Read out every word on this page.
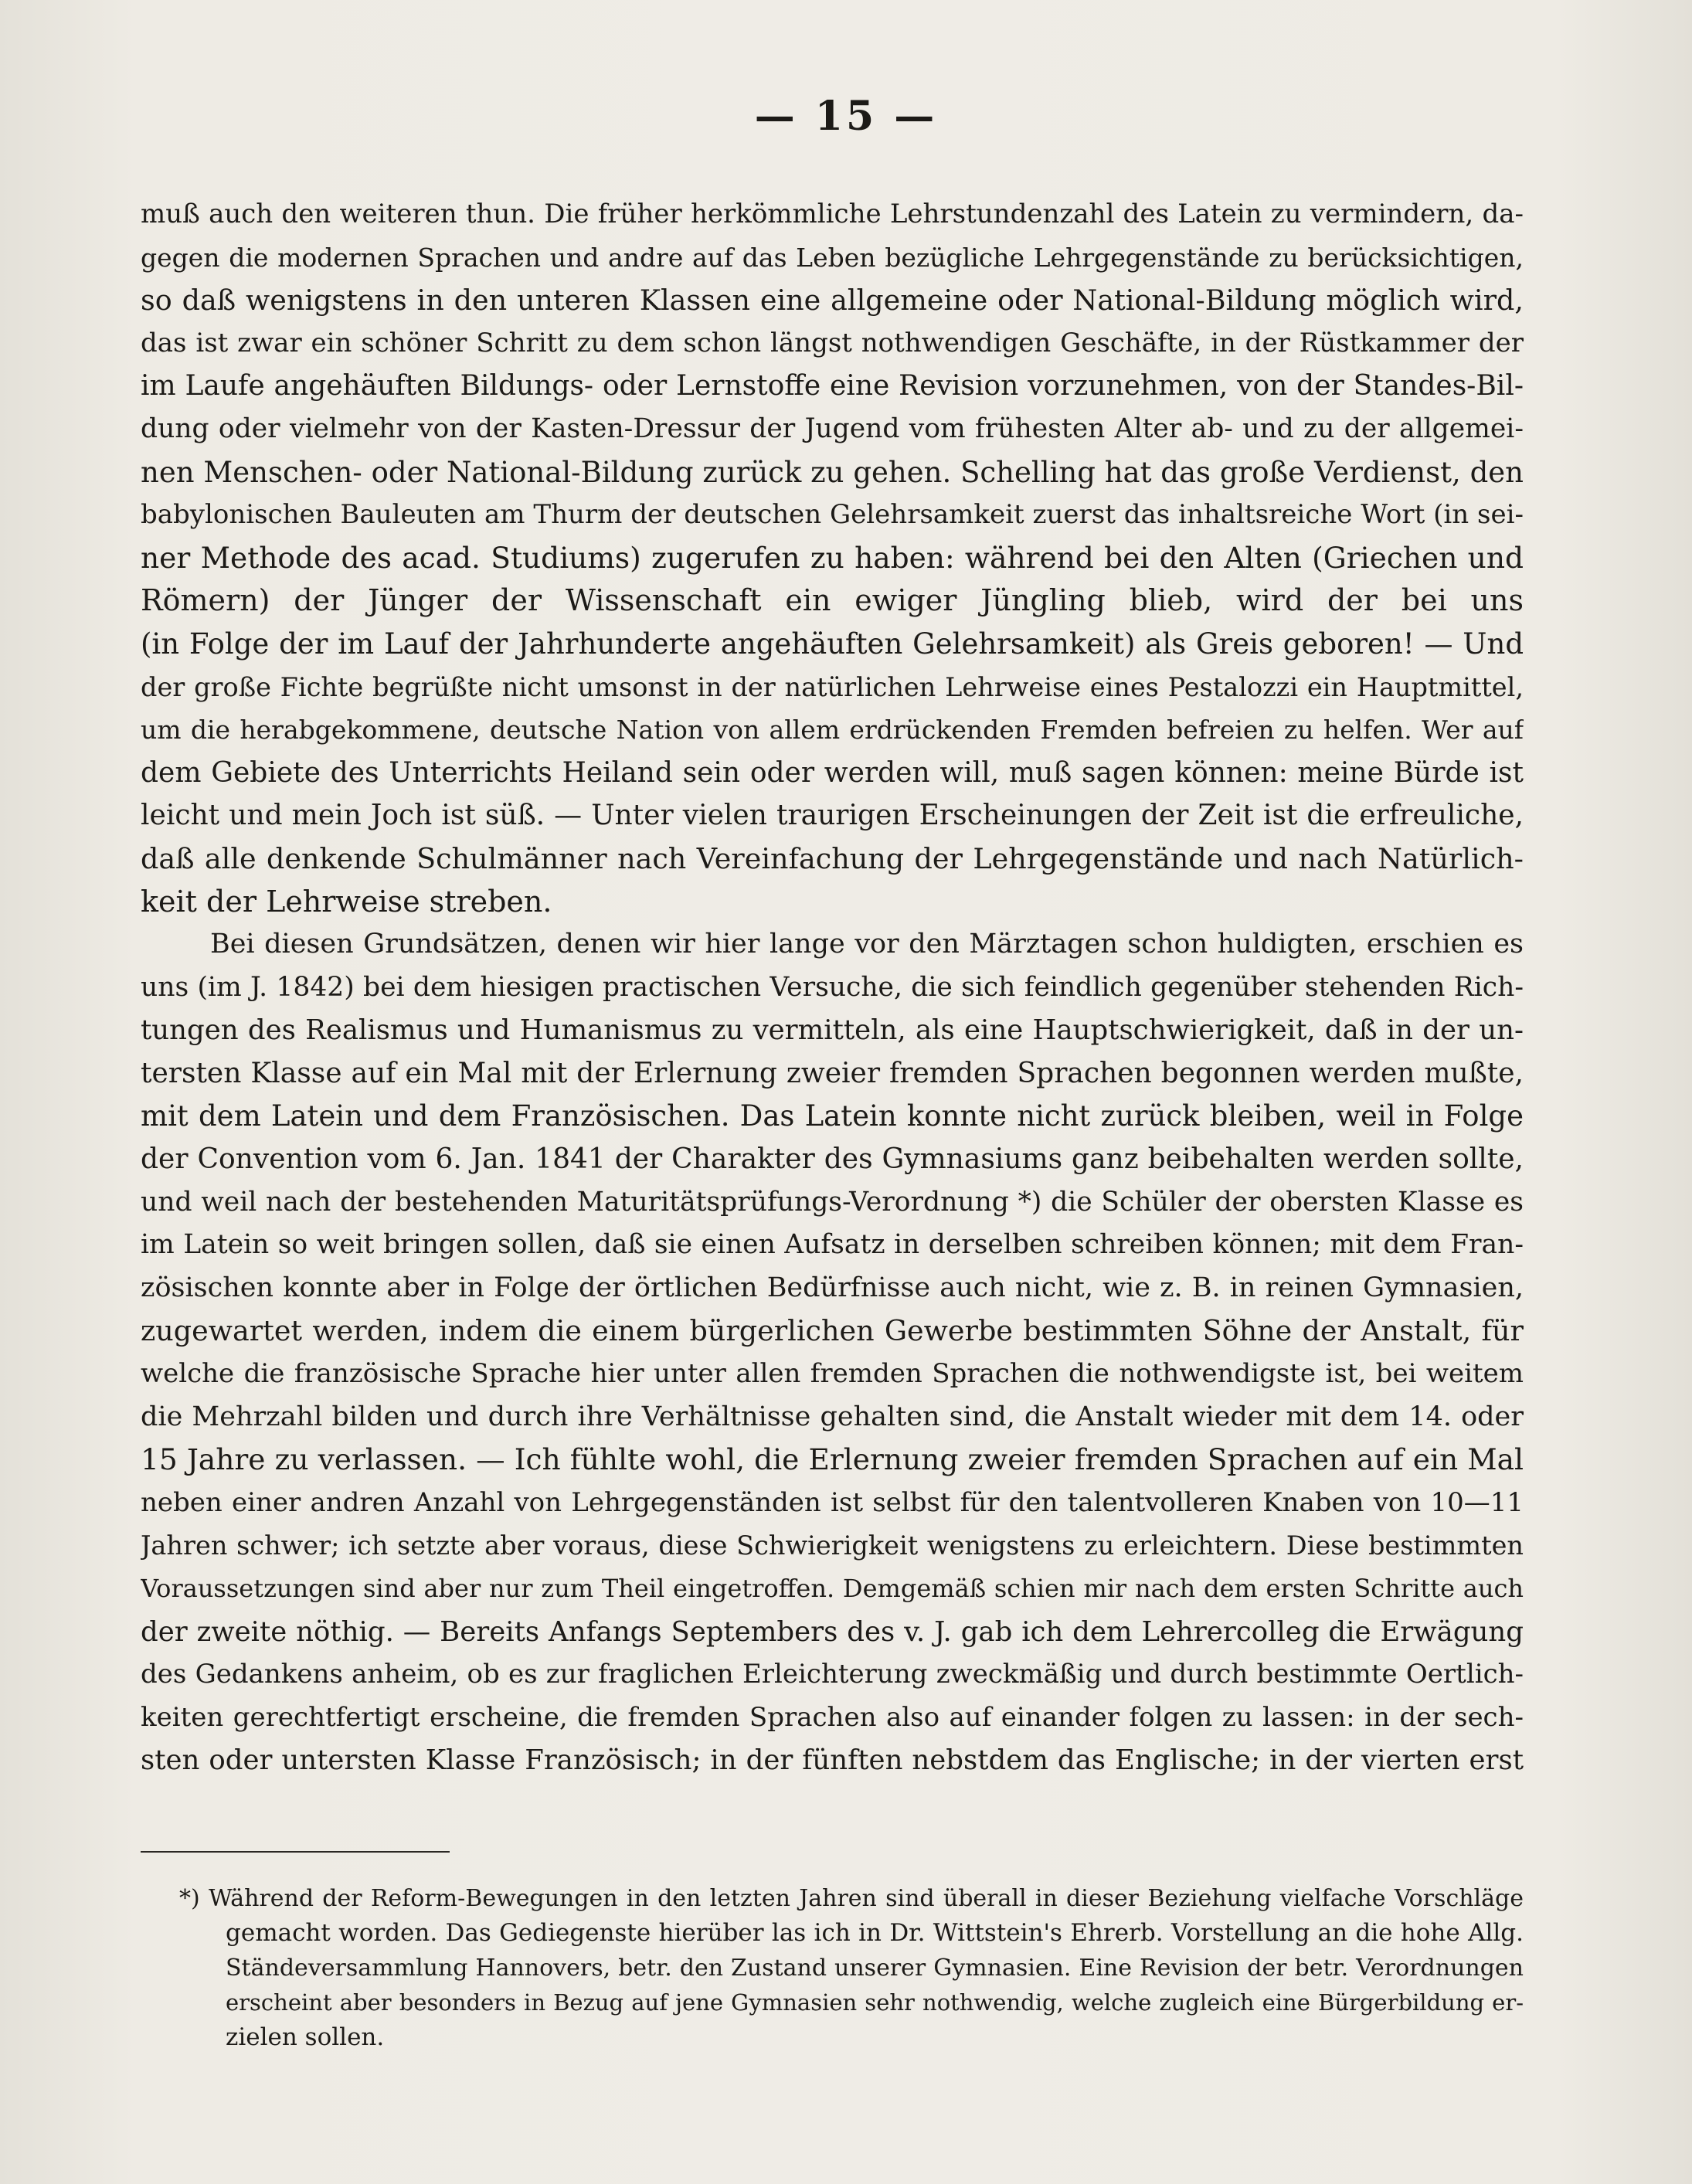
— 15 —

muß auch den weiteren thun. Die früher herkömmliche Lehrstundenzahl des Latein zu vermindern, da-
gegen die modernen Sprachen und andre auf das Leben bezügliche Lehrgegenstände zu berücksichtigen,
so daß wenigstens in den unteren Klassen eine allgemeine oder National-Bildung möglich wird,
das ist zwar ein schöner Schritt zu dem schon längst nothwendigen Geschäfte, in der Rüstkammer der
im Laufe angehäuften Bildungs- oder Lernstoffe eine Revision vorzunehmen, von der Standes-Bil-
dung oder vielmehr von der Kasten-Dressur der Jugend vom frühesten Alter ab- und zu der allgemei-
nen Menschen- oder National-Bildung zurück zu gehen. Schelling hat das große Verdienst, den
babylonischen Bauleuten am Thurm der deutschen Gelehrsamkeit zuerst das inhaltsreiche Wort (in sei-
ner Methode des acad. Studiums) zugerufen zu haben: während bei den Alten (Griechen und
Römern) der Jünger der Wissenschaft ein ewiger Jüngling blieb, wird der bei uns
(in Folge der im Lauf der Jahrhunderte angehäuften Gelehrsamkeit) als Greis geboren! — Und
der große Fichte begrüßte nicht umsonst in der natürlichen Lehrweise eines Pestalozzi ein Hauptmittel,
um die herabgekommene, deutsche Nation von allem erdrückenden Fremden befreien zu helfen. Wer auf
dem Gebiete des Unterrichts Heiland sein oder werden will, muß sagen können: meine Bürde ist
leicht und mein Joch ist süß. — Unter vielen traurigen Erscheinungen der Zeit ist die erfreuliche,
daß alle denkende Schulmänner nach Vereinfachung der Lehrgegenstände und nach Natürlich-
keit der Lehrweise streben.

Bei diesen Grundsätzen, denen wir hier lange vor den Märztagen schon huldigten, erschien es
uns (im J. 1842) bei dem hiesigen practischen Versuche, die sich feindlich gegenüber stehenden Rich-
tungen des Realismus und Humanismus zu vermitteln, als eine Hauptschwierigkeit, daß in der un-
tersten Klasse auf ein Mal mit der Erlernung zweier fremden Sprachen begonnen werden mußte,
mit dem Latein und dem Französischen. Das Latein konnte nicht zurück bleiben, weil in Folge
der Convention vom 6. Jan. 1841 der Charakter des Gymnasiums ganz beibehalten werden sollte,
und weil nach der bestehenden Maturitätsprüfungs-Verordnung *) die Schüler der obersten Klasse es
im Latein so weit bringen sollen, daß sie einen Aufsatz in derselben schreiben können; mit dem Fran-
zösischen konnte aber in Folge der örtlichen Bedürfnisse auch nicht, wie z. B. in reinen Gymnasien,
zugewartet werden, indem die einem bürgerlichen Gewerbe bestimmten Söhne der Anstalt, für
welche die französische Sprache hier unter allen fremden Sprachen die nothwendigste ist, bei weitem
die Mehrzahl bilden und durch ihre Verhältnisse gehalten sind, die Anstalt wieder mit dem 14. oder
15 Jahre zu verlassen. — Ich fühlte wohl, die Erlernung zweier fremden Sprachen auf ein Mal
neben einer andren Anzahl von Lehrgegenständen ist selbst für den talentvolleren Knaben von 10—11
Jahren schwer; ich setzte aber voraus, diese Schwierigkeit wenigstens zu erleichtern. Diese bestimmten
Voraussetzungen sind aber nur zum Theil eingetroffen. Demgemäß schien mir nach dem ersten Schritte auch
der zweite nöthig. — Bereits Anfangs Septembers des v. J. gab ich dem Lehrercolleg die Erwägung
des Gedankens anheim, ob es zur fraglichen Erleichterung zweckmäßig und durch bestimmte Oertlich-
keiten gerechtfertigt erscheine, die fremden Sprachen also auf einander folgen zu lassen: in der sech-
sten oder untersten Klasse Französisch; in der fünften nebstdem das Englische; in der vierten erst

*) Während der Reform-Bewegungen in den letzten Jahren sind überall in dieser Beziehung vielfache Vorschläge
gemacht worden. Das Gediegenste hierüber las ich in Dr. Wittstein's Ehrerb. Vorstellung an die hohe Allg.
Ständeversammlung Hannovers, betr. den Zustand unserer Gymnasien. Eine Revision der betr. Verordnungen
erscheint aber besonders in Bezug auf jene Gymnasien sehr nothwendig, welche zugleich eine Bürgerbildung er-
zielen sollen.
